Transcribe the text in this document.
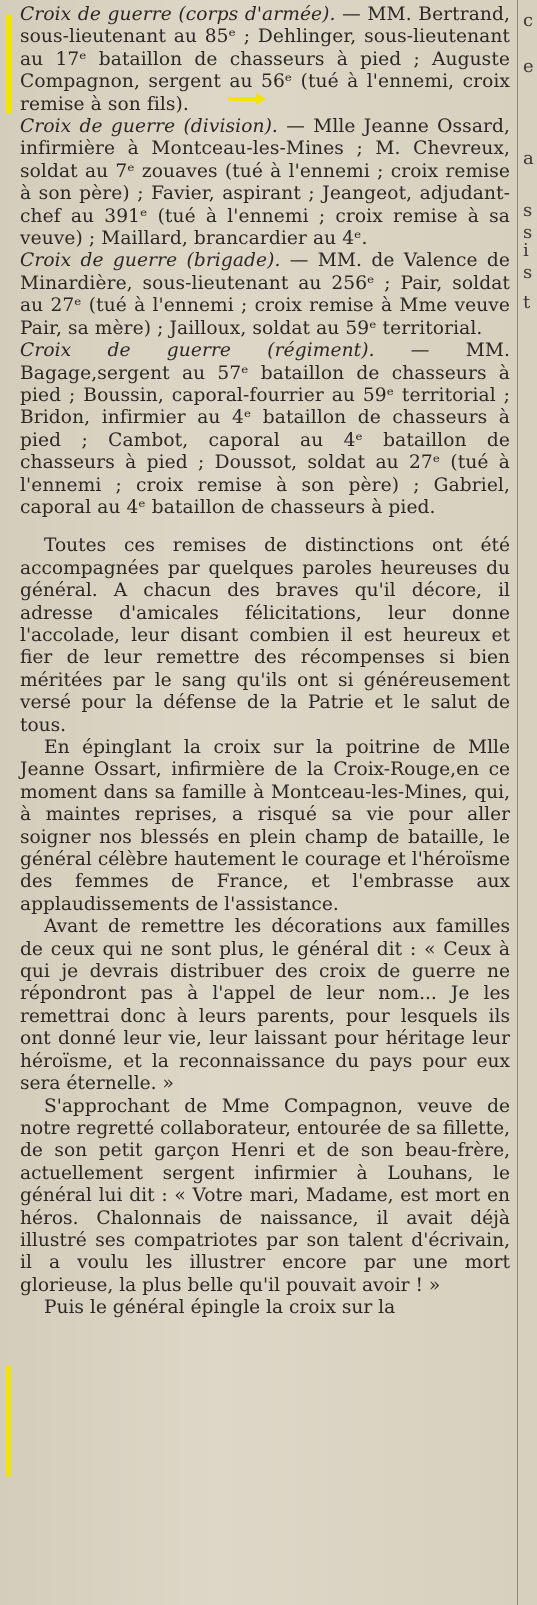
c
e
a
s
s
i
s
t

Croix de guerre (corps d'armée). — MM. Bertrand, sous-lieutenant au 85ᵉ ; Dehlinger, sous-lieutenant au 17ᵉ bataillon de chasseurs à pied ; Auguste Compagnon, sergent au 56ᵉ (tué à l'ennemi, croix remise à son fils).

Croix de guerre (division). — Mlle Jeanne Ossard, infirmière à Montceau-les-Mines ; M. Chevreux, soldat au 7ᵉ zouaves (tué à l'ennemi ; croix remise à son père) ; Favier, aspirant ; Jeangeot, adjudant-chef au 391ᵉ (tué à l'ennemi ; croix remise à sa veuve) ; Maillard, brancardier au 4ᵉ.

Croix de guerre (brigade). — MM. de Valence de Minardière, sous-lieutenant au 256ᵉ ; Pair, soldat au 27ᵉ (tué à l'ennemi ; croix remise à Mme veuve Pair, sa mère) ; Jailloux, soldat au 59ᵉ territorial.

Croix de guerre (régiment). — MM. Bagage,sergent au 57ᵉ bataillon de chasseurs à pied ; Boussin, caporal-fourrier au 59ᵉ territorial ; Bridon, infirmier au 4ᵉ bataillon de chasseurs à pied ; Cambot, caporal au 4ᵉ bataillon de chasseurs à pied ; Doussot, soldat au 27ᵉ (tué à l'ennemi ; croix remise à son père) ; Gabriel, caporal au 4ᵉ bataillon de chasseurs à pied.

Toutes ces remises de distinctions ont été accompagnées par quelques paroles heureuses du général. A chacun des braves qu'il décore, il adresse d'amicales félicitations, leur donne l'accolade, leur disant combien il est heureux et fier de leur remettre des récompenses si bien méritées par le sang qu'ils ont si généreusement versé pour la défense de la Patrie et le salut de tous.

En épinglant la croix sur la poitrine de Mlle Jeanne Ossart, infirmière de la Croix-Rouge,en ce moment dans sa famille à Montceau-les-Mines, qui, à maintes reprises, a risqué sa vie pour aller soigner nos blessés en plein champ de bataille, le général célèbre hautement le courage et l'héroïsme des femmes de France, et l'embrasse aux applaudissements de l'assistance.

Avant de remettre les décorations aux familles de ceux qui ne sont plus, le général dit : « Ceux à qui je devrais distribuer des croix de guerre ne répondront pas à l'appel de leur nom... Je les remettrai donc à leurs parents, pour lesquels ils ont donné leur vie, leur laissant pour héritage leur héroïsme, et la reconnaissance du pays pour eux sera éternelle. »

S'approchant de Mme Compagnon, veuve de notre regretté collaborateur, entourée de sa fillette, de son petit garçon Henri et de son beau-frère, actuellement sergent infirmier à Louhans, le général lui dit : « Votre mari, Madame, est mort en héros. Chalonnais de naissance, il avait déjà illustré ses compatriotes par son talent d'écrivain, il a voulu les illustrer encore par une mort glorieuse, la plus belle qu'il pouvait avoir ! »

Puis le général épingle la croix sur la
